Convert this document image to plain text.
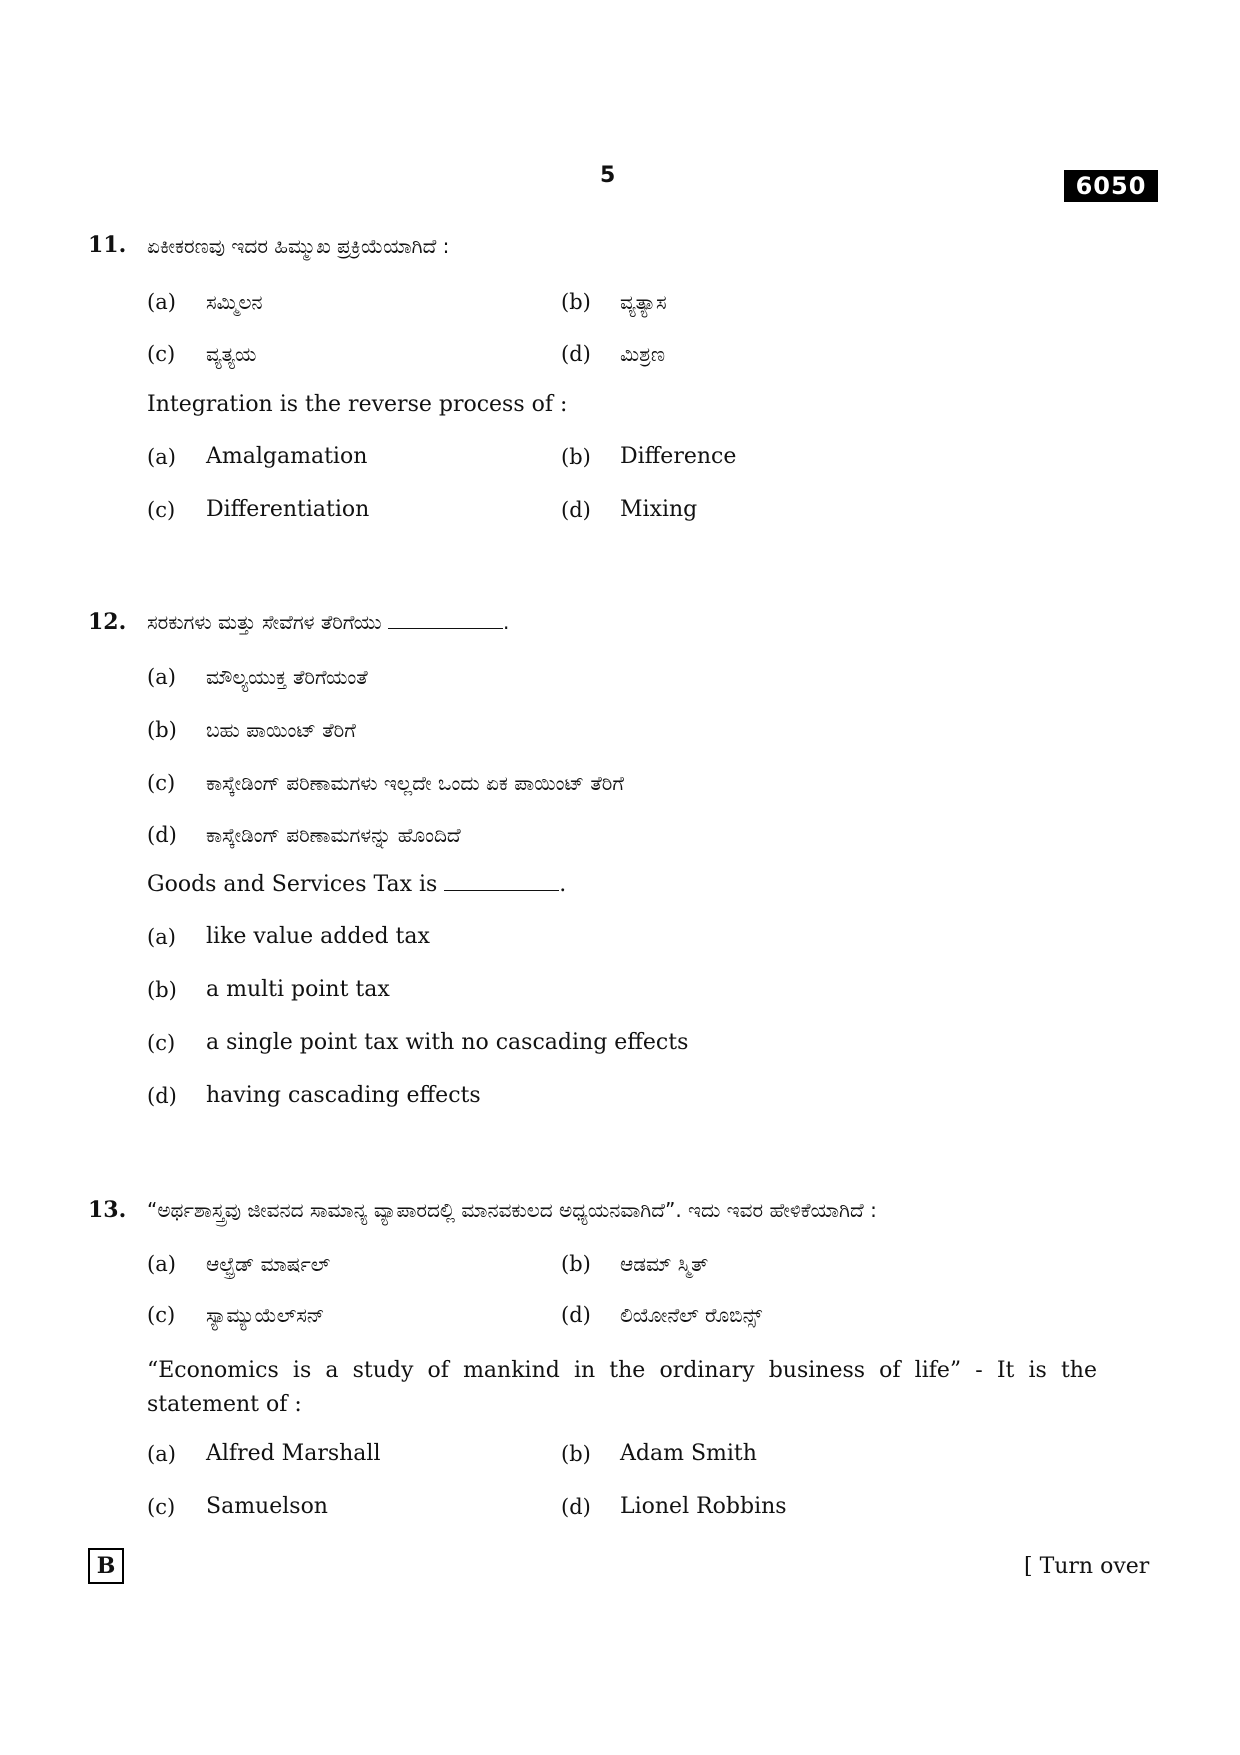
5	6050
11. ಏಕೀಕರಣವು ಇದರ ಹಿಮ್ಮುಖ ಪ್ರಕ್ರಿಯೆಯಾಗಿದೆ :
(a) ಸಮ್ಮಿಲನ	(b) ವ್ಯತ್ಯಾಸ
(c) ವ್ಯತ್ಯಯ	(d) ಮಿಶ್ರಣ
Integration is the reverse process of :
(a) Amalgamation	(b) Difference
(c) Differentiation	(d) Mixing
12. ಸರಕುಗಳು ಮತ್ತು ಸೇವೆಗಳ ತೆರಿಗೆಯು	.
(a) ಮೌಲ್ಯಯುಕ್ತ ತೆರಿಗೆಯಂತೆ
(b) ಬಹು ಪಾಯಿಂಟ್ ತೆರಿಗೆ
(c) ಕಾಸ್ಕೇಡಿಂಗ್ ಪರಿಣಾಮಗಳು ಇಲ್ಲದೇ ಒಂದು ಏಕ ಪಾಯಿಂಟ್ ತೆರಿಗೆ
(d) ಕಾಸ್ಕೇಡಿಂಗ್ ಪರಿಣಾಮಗಳನ್ನು ಹೊಂದಿದೆ
Goods and Services Tax is	.
(a) like value added tax
(b) a multi point tax
(c) a single point tax with no cascading effects
(d) having cascading effects
13. “ಅರ್ಥಶಾಸ್ತ್ರವು ಜೀವನದ ಸಾಮಾನ್ಯ ವ್ಯಾಪಾರದಲ್ಲಿ ಮಾನವಕುಲದ ಅಧ್ಯಯನವಾಗಿದೆ”. ಇದು ಇವರ ಹೇಳಿಕೆಯಾಗಿದೆ :
(a) ಆಲ್ಫ್ರೆಡ್ ಮಾರ್ಷಲ್	(b) ಆಡಮ್ ಸ್ಮಿತ್
(c) ಸ್ಯಾಮ್ಯುಯೆಲ್‌ಸನ್	(d) ಲಿಯೋನೆಲ್ ರೊಬಿನ್ಸ್
“Economics is a study of mankind in the ordinary business of life” - It is the statement of :
(a) Alfred Marshall	(b) Adam Smith
(c) Samuelson	(d) Lionel Robbins
B	[ Turn over
